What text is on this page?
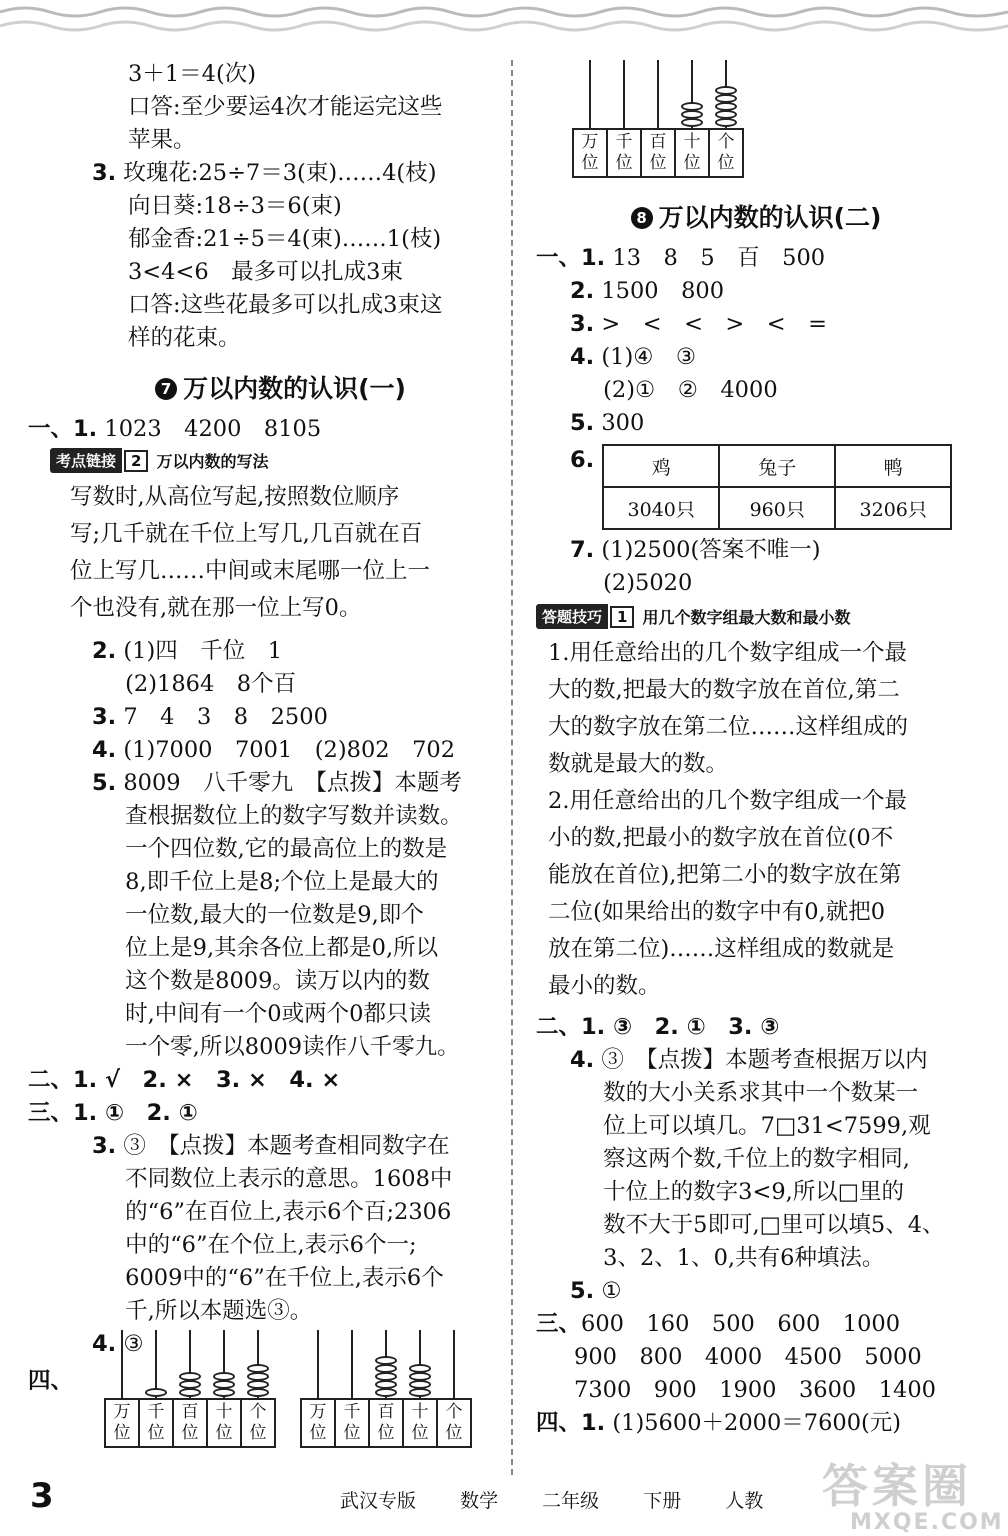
3＋1＝4(次)
口答:至少要运4次才能运完这些
苹果。
3. 玫瑰花:25÷7＝3(束)……4(枝)
向日葵:18÷3＝6(束)
郁金香:21÷5＝4(束)……1(枝)
3<4<6　最多可以扎成3束
口答:这些花最多可以扎成3束这
样的花束。
7 万以内数的认识(一)
一、1. 1023　4200　8105
考点链接	2 万以内数的写法
写数时,从高位写起,按照数位顺序
写;几千就在千位上写几,几百就在百
位上写几……中间或末尾哪一位上一
个也没有,就在那一位上写0。
2. (1)四　千位　1
(2)1864　8个百
3. 7　4　3　8　2500
4. (1)7000　7001　(2)802　702
5. 8009　八千零九　【点拨】本题考
查根据数位上的数字写数并读数。
一个四位数,它的最高位上的数是
8,即千位上是8;个位上是最大的
一位数,最大的一位数是9,即个
位上是9,其余各位上都是0,所以
这个数是8009。读万以内的数
时,中间有一个0或两个0都只读
一个零,所以8009读作八千零九。
二、1. √　2. ×　3. ×　4. ×
三、1. ①　2. ①
3. ③　【点拨】本题考查相同数字在
不同数位上表示的意思。1608中
的“6”在百位上,表示6个百;2306
中的“6”在个位上,表示6个一;
6009中的“6”在千位上,表示6个
千,所以本题选③。
4. ③
四、
万
位
千
位
百
位
十
位
个
位
万
位
千
位
百
位
十
位
个
位
万
位
千
位
百
位
十
位
个
位
8 万以内数的认识(二)
一、1. 13　8　5　百　500
2. 1500　800
3. >　<　<　>　<　=
4. (1)④　③
(2)①　②　4000
5. 300
6.	鸡	兔子	鸭
3040只	960只	3206只
7. (1)2500(答案不唯一)
(2)5020
答题技巧	1 用几个数字组最大数和最小数
1.用任意给出的几个数字组成一个最
大的数,把最大的数字放在首位,第二
大的数字放在第二位……这样组成的
数就是最大的数。
2.用任意给出的几个数字组成一个最
小的数,把最小的数字放在首位(0不
能放在首位),把第二小的数字放在第
二位(如果给出的数字中有0,就把0
放在第二位)……这样组成的数就是
最小的数。
二、1. ③　2. ①　3. ③
4. ③　【点拨】本题考查根据万以内
数的大小关系求其中一个数某一
位上可以填几。7□31<7599,观
察这两个数,千位上的数字相同,
十位上的数字3<9,所以□里的
数不大于5即可,□里可以填5、4、
3、2、1、0,共有6种填法。
5. ①
三、600　160　500　600　1000
900　800　4000　4500　5000
7300　900　1900　3600　1400
四、1. (1)5600＋2000＝7600(元)
3	武汉专版 数学 二年级 下册 人教	答案圈
MXQE.COM
